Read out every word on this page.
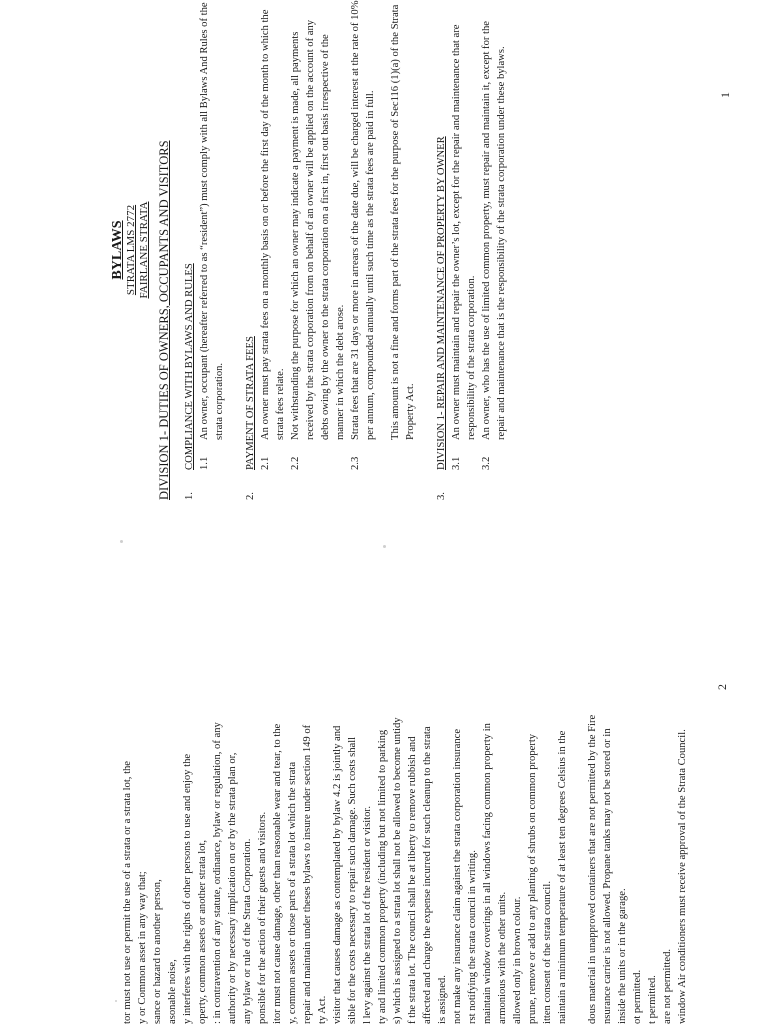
1
2
BYLAWS STRATA LMS 2772 FAIRLANE STRATA DIVISION 1- DUTIES OF OWNERS, OCCUPANTS AND VISITORS 1.
COMPLIANCE WITH BYLAWS AND RULES 1.1
An owner, occupant (hereafter referred to as “resident”) must comply with all Bylaws And Rules of the strata corporation.
2.
PAYMENT OF STRATA FEES 2.1
An owner must pay strata fees on a monthly basis on or before the first day of the month to which the strata fees relate.
2.2
Not withstanding the purpose for which an owner may indicate a payment is made, all payments received by the strata corporation from on behalf of an owner will be applied on the account of any debts owing by the owner to the strata corporation on a first in, first out basis irrespective of the manner in which the debt arose.
2.3
Strata fees that are 31 days or more in arrears of the date due, will be charged interest at the rate of 10% per annum, compounded annually until such time as the strata fees are paid in full. This amount is not a fine and forms part of the strata fees for the purpose of Sec116 (1)(a) of the Strata Property Act.
3.
DIVISION 1- REPAIR AND MAINTENANCE OF PROPERTY BY OWNER
3.1
An owner must maintain and repair the owner’s lot, except for the repair and maintenance that are responsibility of the strata corporation.
3.2
An owner, who has the use of limited common property, must repair and maintain it, except for the repair and maintenance that is the responsibility of the strata corporation under these bylaws.
tor must not use or permit the use of a strata or a strata lot, the y or Common asset in any way that; sance or hazard to another person, asonable noise, y interferes with the rights of other persons to use and enjoy the operty, common assets or another strata lot, : in contravention of any statute, ordinance, bylaw or regulation, of any authority or by necessary implication on or by the strata plan or, any bylaw or rule of the Strata Corporation. ponsible for the action of their guests and visitors. itor must not cause damage, other than reasonable wear and tear, to the y, common assets or those parts of a strata lot which the strata repair and maintain under theses bylaws to insure under section 149 of ty Act. visitor that causes damage as contemplated by bylaw 4.2 is jointly and sible for the costs necessary to repair such damage. Such costs shall l levy against the strata lot of the resident or visitor. ty and limited common property (including but not limited to parking s) which is assigned to a strata lot shall not be allowed to become untidy f the strata lot. The council shall be at liberty to remove rubbish and affected and charge the expense incurred for such cleanup to the strata is assigned. not make any insurance claim against the strata corporation insurance rst notifying the strata council in writing. maintain window coverings in all windows facing common property in armonious with the other units. allowed only in brown colour. prune, remove or add to any planting of shrubs on common property itten consent of the strata council. naintain a minimum temperature of at least ten degrees Celsius in the
dous material in unapproved containers that are not permitted by the Fire nsurance carrier is not allowed. Propane tanks may not be stored or in inside the units or in the garage. ot permitted. t permitted. are not permitted. window Air conditioners must receive approval of the Strata Council.
